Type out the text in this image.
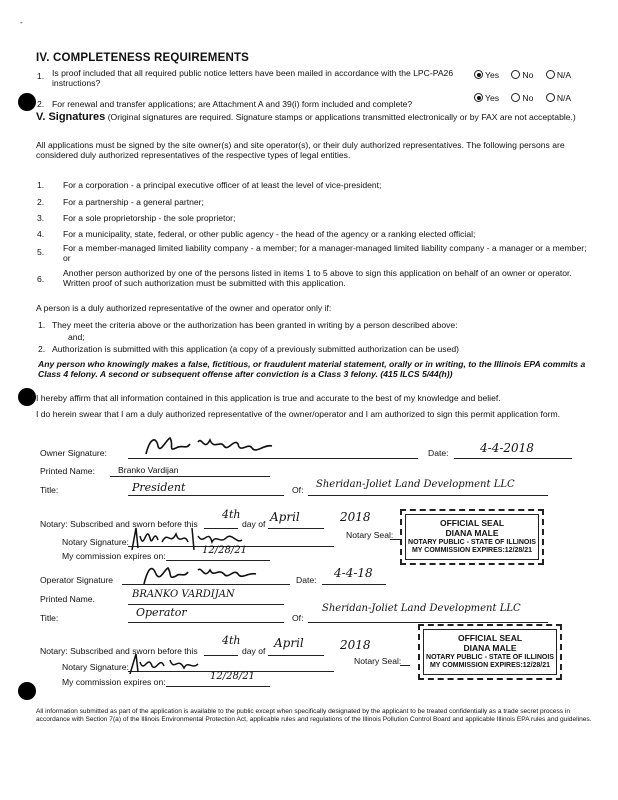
-
IV. COMPLETENESS REQUIREMENTS
1. Is proof included that all required public notice letters have been mailed in accordance with the LPC-PA26 instructions?
Yes	No	N/A
2. For renewal and transfer applications; are Attachment A and 39(i) form included and complete?
Yes	No	N/A
V. Signatures (Original signatures are required. Signature stamps or applications transmitted electronically or by FAX are not acceptable.)
All applications must be signed by the site owner(s) and site operator(s), or their duly authorized representatives. The following persons are considered duly authorized representatives of the respective types of legal entities.
1. For a corporation - a principal executive officer of at least the level of vice-president;
2. For a partnership - a general partner;
3. For a sole proprietorship - the sole proprietor;
4. For a municipality, state, federal, or other public agency - the head of the agency or a ranking elected official;
5. For a member-managed limited liability company - a member; for a manager-managed limited liability company - a manager or a member; or
6.
Another person authorized by one of the persons listed in items 1 to 5 above to sign this application on behalf of an owner or operator. Written proof of such authorization must be submitted with this application.
A person is a duly authorized representative of the owner and operator only if:
1. They meet the criteria above or the authorization has been granted in writing by a person described above:
and;
2. Authorization is submitted with this application (a copy of a previously submitted authorization can be used)
Any person who knowingly makes a false, fictitious, or fraudulent material statement, orally or in writing, to the Illinois EPA commits a Class 4 felony. A second or subsequent offense after conviction is a Class 3 felony. (415 ILCS 5/44(h))
I hereby affirm that all information contained in this application is true and accurate to the best of my knowledge and belief.
I do herein swear that I am a duly authorized representative of the owner/operator and I am authorized to sign this permit application form.
Owner Signature:	Date:	4-4-2018
Printed Name:	Branko Vardijan
Title:	President	Of: Sheridan-Joliet Land Development LLC
Notary: Subscribed and sworn before this
4th
day of April	2018
Notary Signature:
Notary Seal:
My commission expires on:	12/28/21
OFFICIAL SEAL
DIANA MALE
NOTARY PUBLIC - STATE OF ILLINOIS
MY COMMISSION EXPIRES:12/28/21
Operator Signature	Date: 4-4-18
Printed Name.	BRANKO VARDIJAN
Title:	Operator	Of:
Sheridan-Joliet Land Development LLC
Notary: Subscribed and sworn before this
4th
day of
April	2018
Notary Signature:
Notary Seal:
My commission expires on:	12/28/21
OFFICIAL SEAL
DIANA MALE
NOTARY PUBLIC - STATE OF ILLINOIS
MY COMMISSION EXPIRES:12/28/21
All information submitted as part of the application is available to the public except when specifically designated by the applicant to be treated confidentially as a trade secret process in accordance with Section 7(a) of the Illinois Environmental Protection Act, applicable rules and regulations of the Illinois Pollution Control Board and applicable Illinois EPA rules and guidelines.
